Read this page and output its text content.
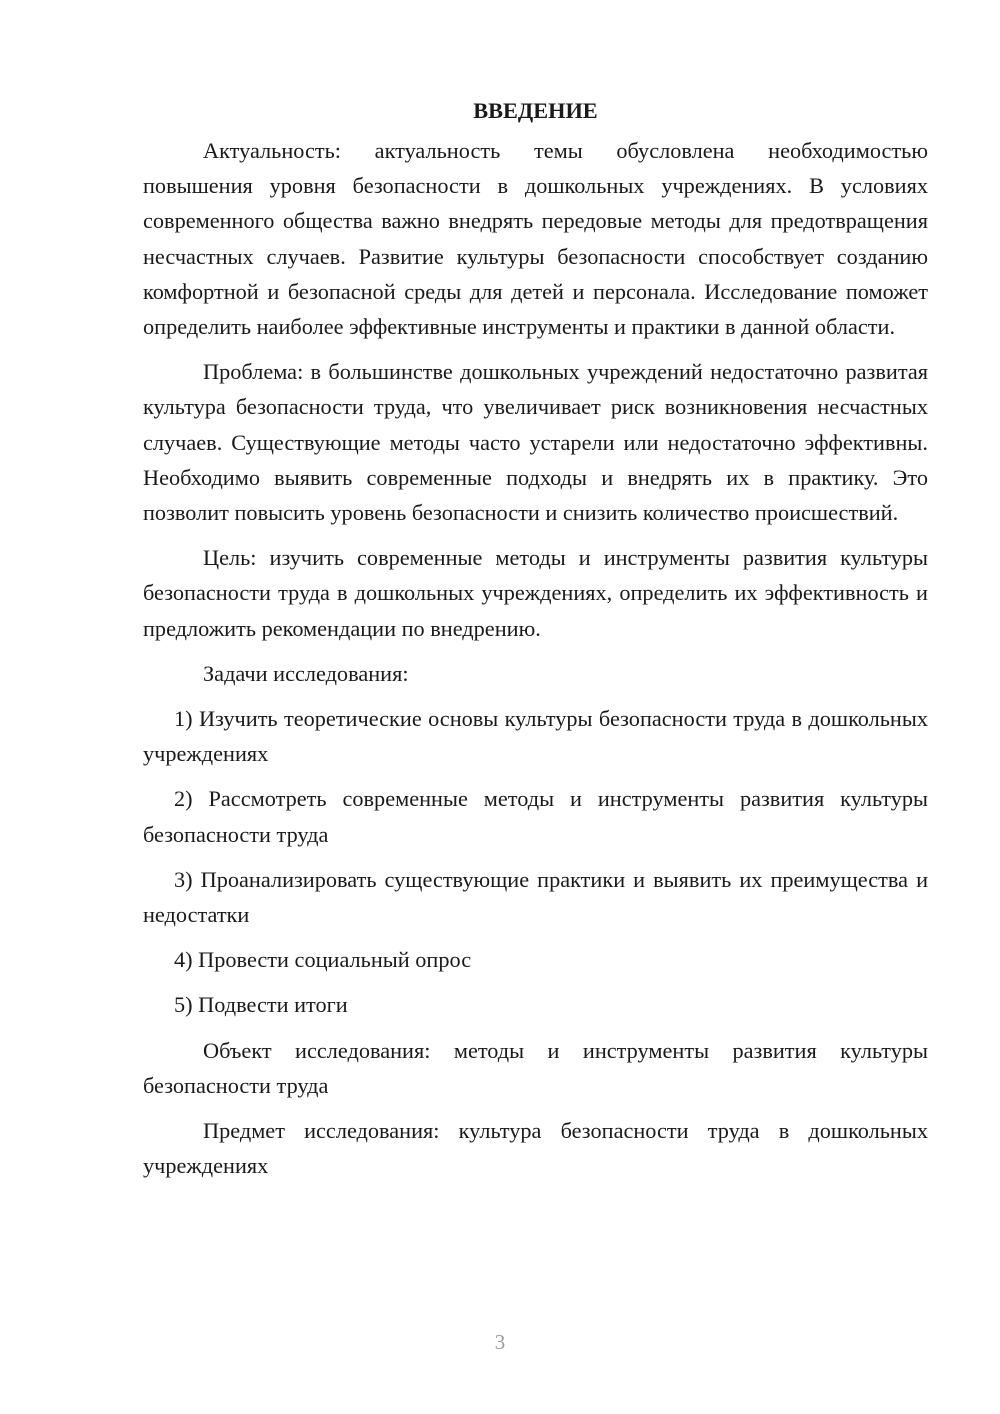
ВВЕДЕНИЕ

Актуальность: актуальность темы обусловлена необходимостью повышения уровня безопасности в дошкольных учреждениях. В условиях современного общества важно внедрять передовые методы для предотвращения несчастных случаев. Развитие культуры безопасности способствует созданию комфортной и безопасной среды для детей и персонала. Исследование поможет определить наиболее эффективные инструменты и практики в данной области.

Проблема: в большинстве дошкольных учреждений недостаточно развитая культура безопасности труда, что увеличивает риск возникновения несчастных случаев. Существующие методы часто устарели или недостаточно эффективны. Необходимо выявить современные подходы и внедрять их в практику. Это позволит повысить уровень безопасности и снизить количество происшествий.

Цель: изучить современные методы и инструменты развития культуры безопасности труда в дошкольных учреждениях, определить их эффективность и предложить рекомендации по внедрению.

Задачи исследования:

1) Изучить теоретические основы культуры безопасности труда в дошкольных учреждениях

2) Рассмотреть современные методы и инструменты развития культуры безопасности труда

3) Проанализировать существующие практики и выявить их преимущества и недостатки

4) Провести социальный опрос

5) Подвести итоги

Объект исследования: методы и инструменты развития культуры безопасности труда

Предмет исследования: культура безопасности труда в дошкольных учреждениях

3
